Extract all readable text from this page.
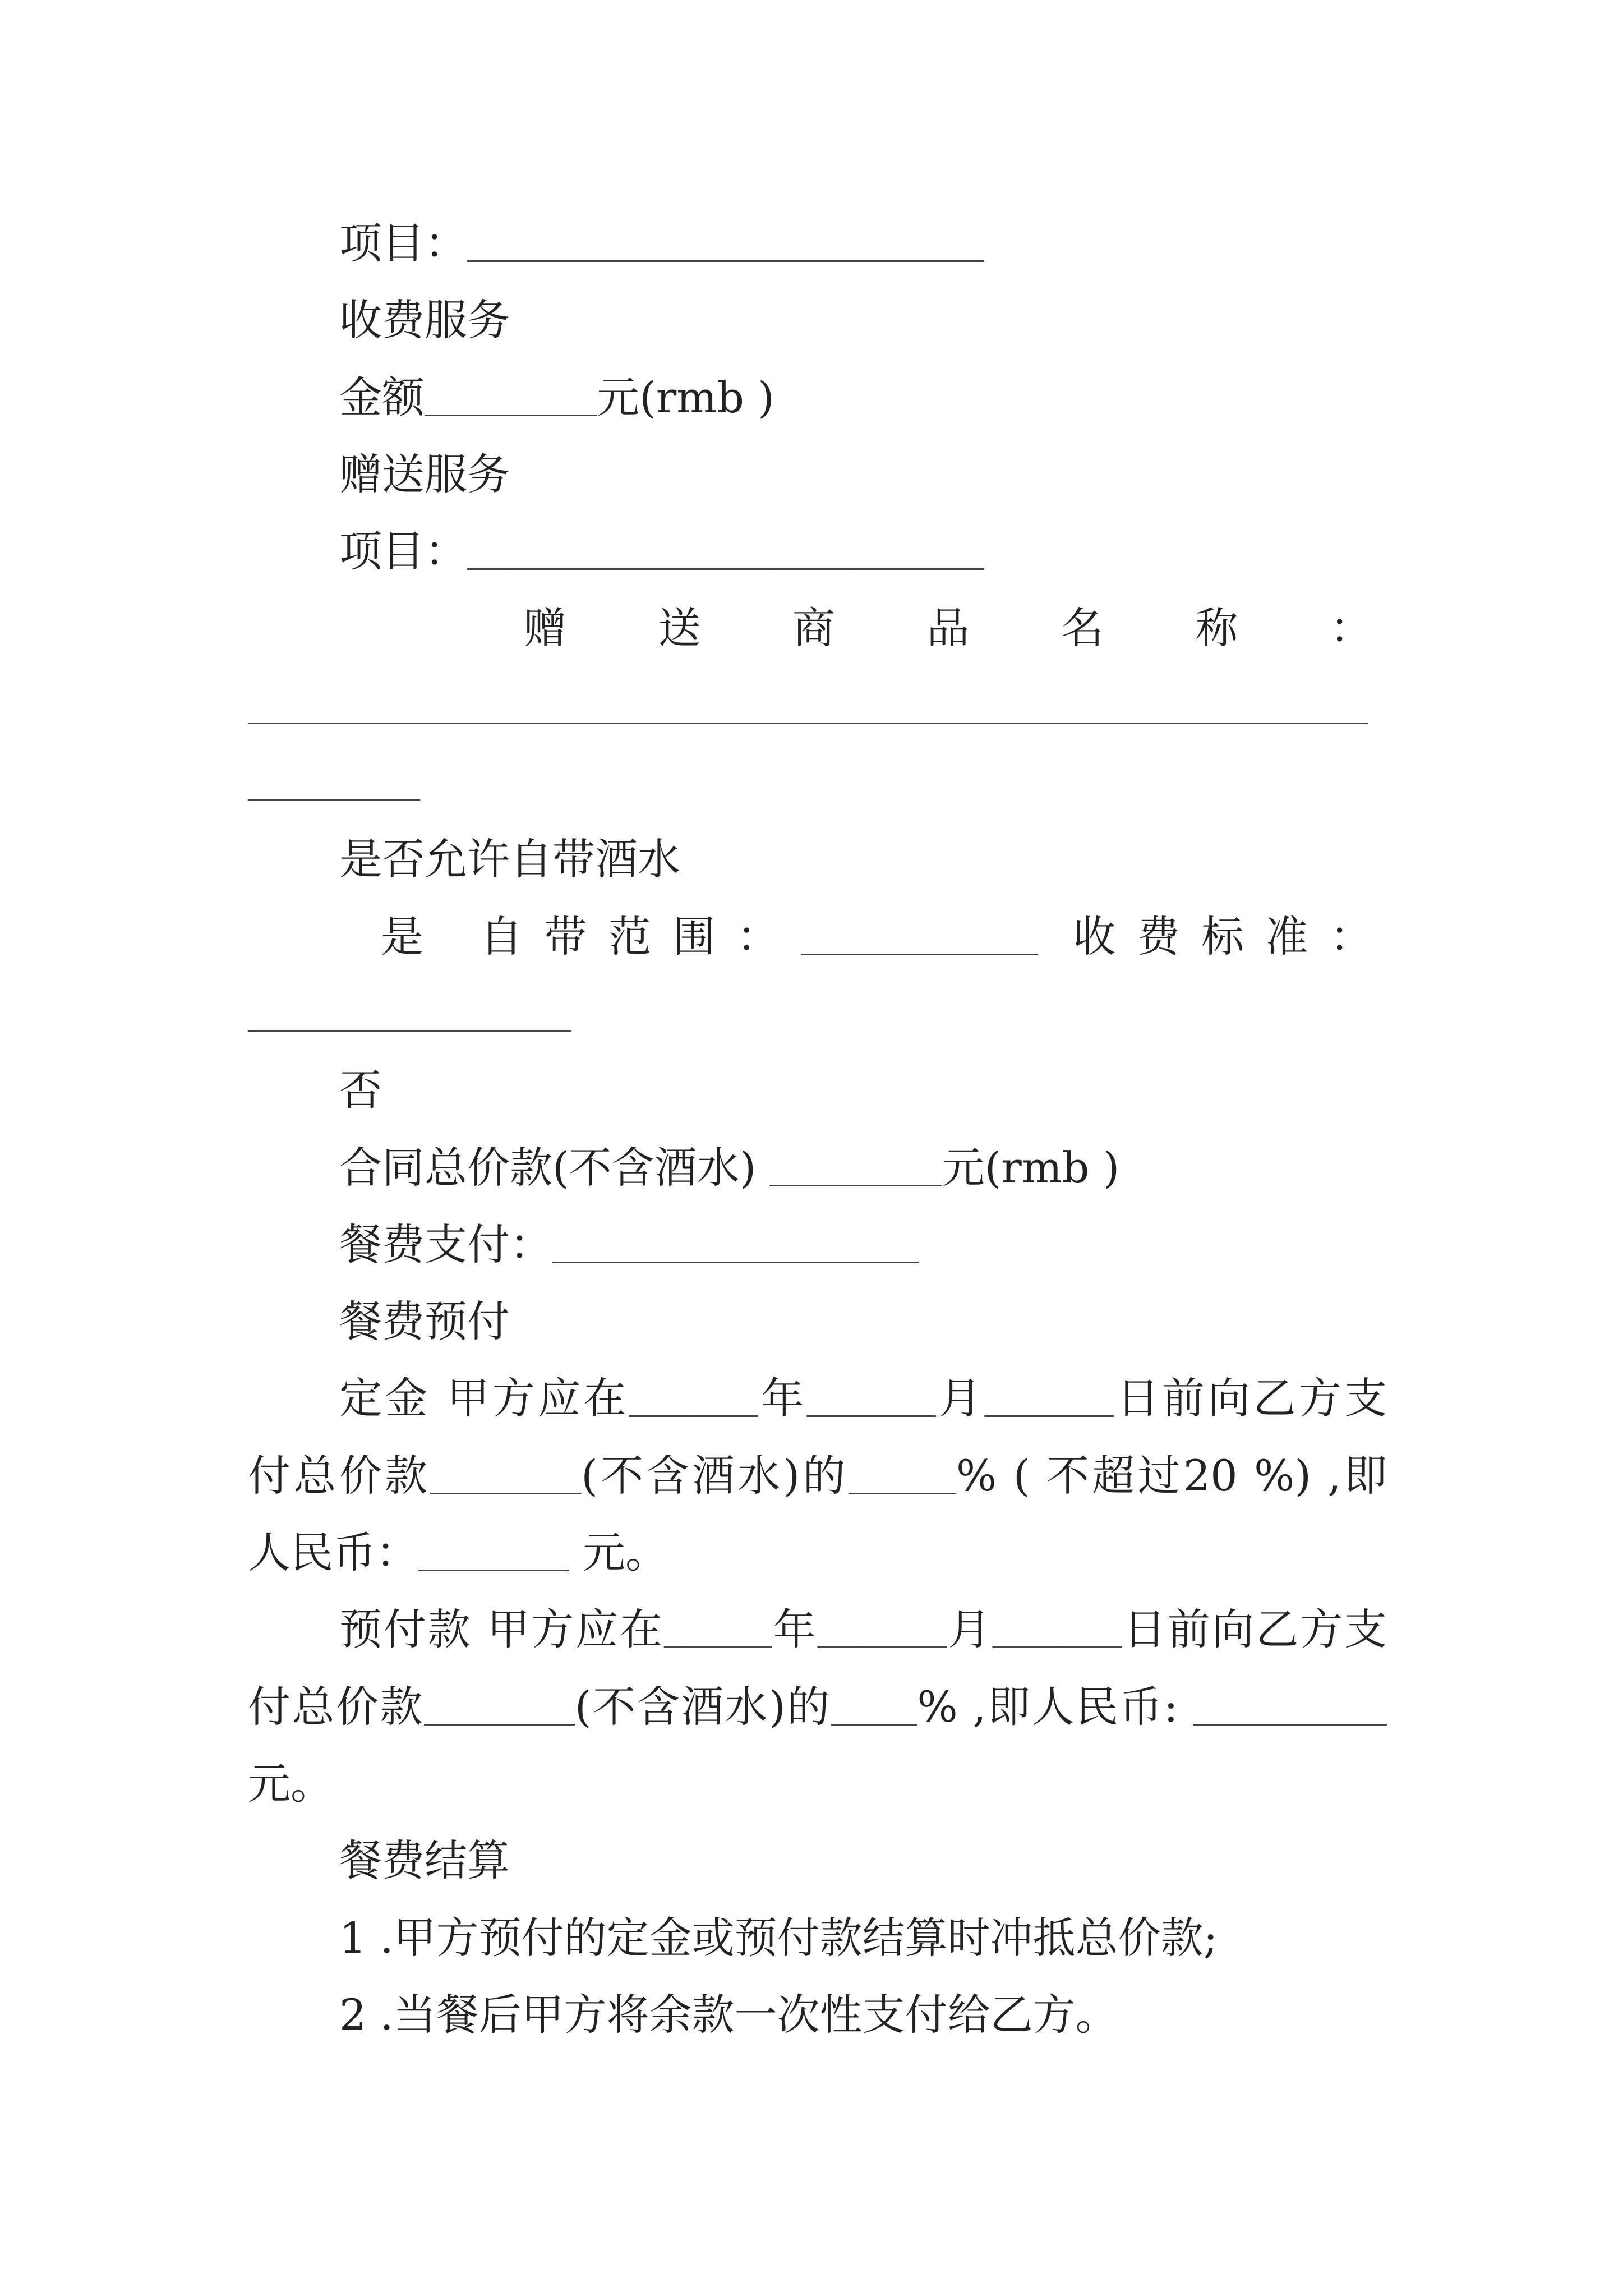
项目：________________________
收费服务
金额________元(rmb )
赠送服务
项目：________________________
赠送商品名称：
____________________________________________________
________
是否允许自带酒水
是 自带范围：___________ 收费标准：
_______________
否
合同总价款(不含酒水) ________元(rmb )
餐费支付：_________________
餐费预付
定金 甲方应在______年______月______日前向乙方支
付总价款_______(不含酒水)的_____% ( 不超过20 %) ,即
人民币：_______ 元。
预付款 甲方应在_____年______月______日前向乙方支
付总价款_______(不含酒水)的____% ,即人民币: _________
元。
餐费结算
1 .甲方预付的定金或预付款结算时冲抵总价款;
2 .当餐后甲方将余款一次性支付给乙方。
